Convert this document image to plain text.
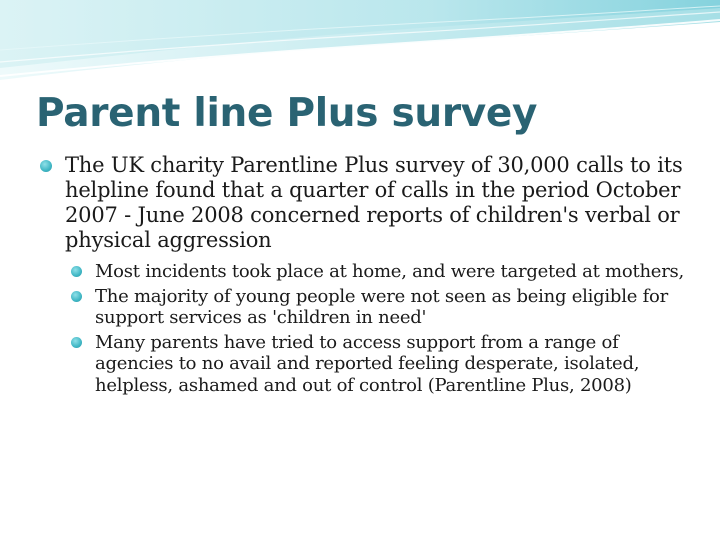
Parent line Plus survey
The UK charity Parentline Plus survey of 30,000 calls to its helpline found that a quarter of calls in the period October 2007 - June 2008 concerned reports of children's verbal or physical aggression
Most incidents took place at home, and were targeted at mothers,
The majority of young people were not seen as being eligible for support services as 'children in need'
Many parents have tried to access support from a range of agencies to no avail and reported feeling desperate, isolated, helpless, ashamed and out of control (Parentline Plus, 2008)
